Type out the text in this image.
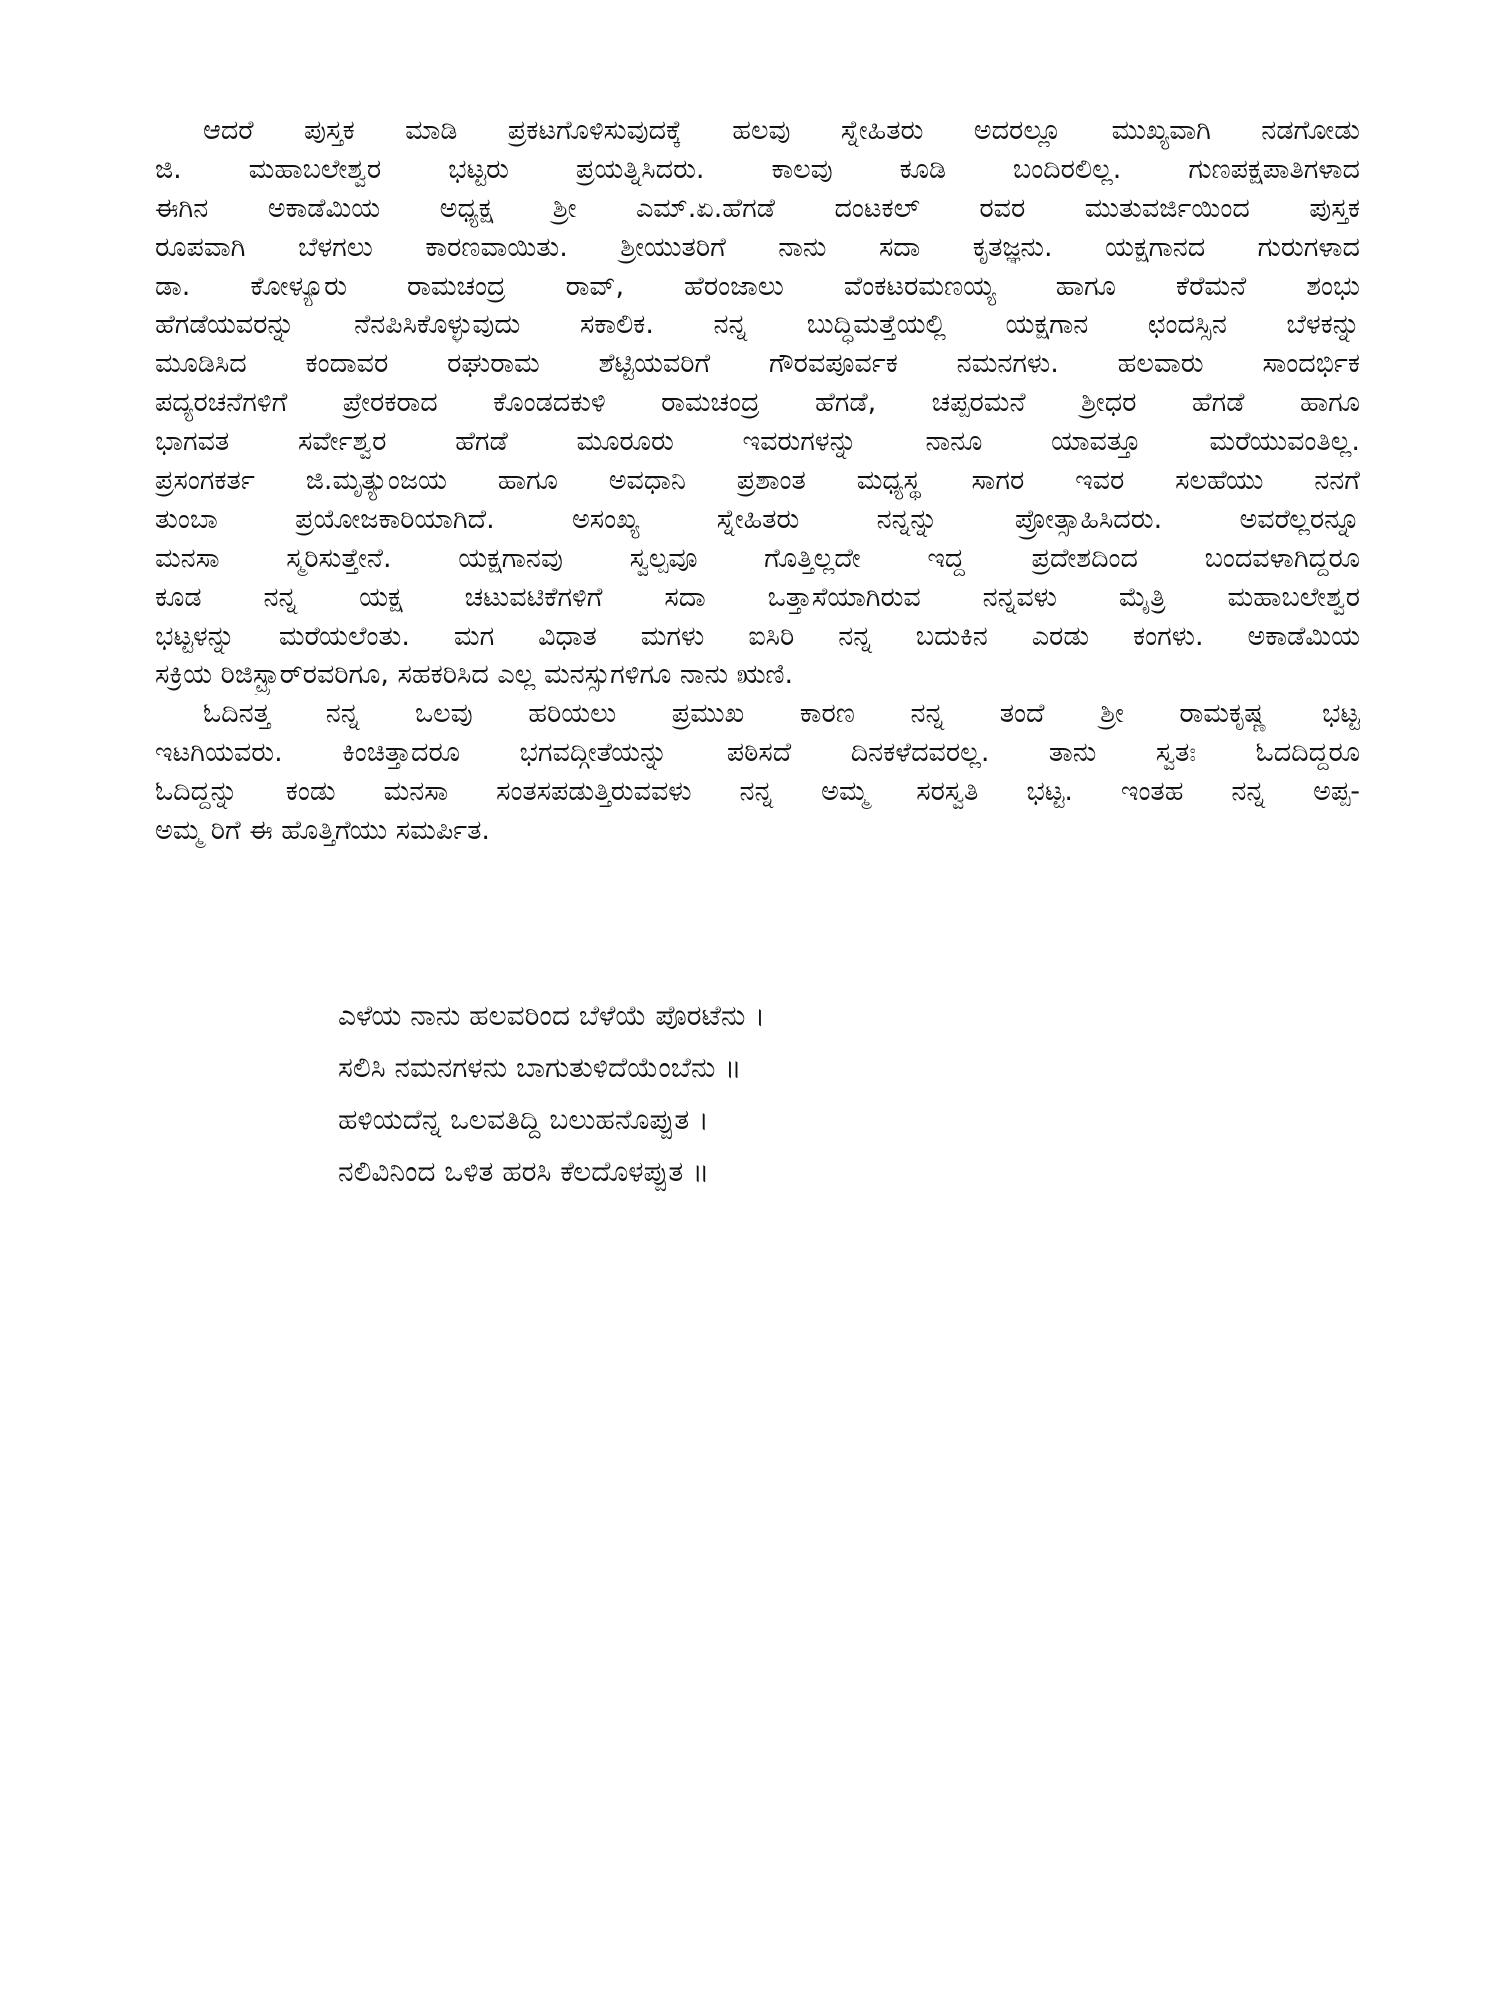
ಆದರೆ ಪುಸ್ತಕ ಮಾಡಿ ಪ್ರಕಟಗೊಳಿಸುವುದಕ್ಕೆ ಹಲವು ಸ್ನೇಹಿತರು ಅದರಲ್ಲೂ ಮುಖ್ಯವಾಗಿ ನಡಗೋಡು
ಜಿ. ಮಹಾಬಲೇಶ್ವರ ಭಟ್ಟರು ಪ್ರಯತ್ನಿಸಿದರು. ಕಾಲವು ಕೂಡಿ ಬಂದಿರಲಿಲ್ಲ. ಗುಣಪಕ್ಷಪಾತಿಗಳಾದ
ಈಗಿನ ಅಕಾಡೆಮಿಯ ಅಧ್ಯಕ್ಷ ಶ್ರೀ ಎಮ್.ಏ.ಹೆಗಡೆ ದಂಟಕಲ್ ರವರ ಮುತುವರ್ಜಿಯಿಂದ ಪುಸ್ತಕ
ರೂಪವಾಗಿ ಬೆಳಗಲು ಕಾರಣವಾಯಿತು. ಶ್ರೀಯುತರಿಗೆ ನಾನು ಸದಾ ಕೃತಜ್ಞನು. ಯಕ್ಷಗಾನದ ಗುರುಗಳಾದ
ಡಾ. ಕೋಳ್ಯೂರು ರಾಮಚಂದ್ರ ರಾವ್, ಹೆರಂಜಾಲು ವೆಂಕಟರಮಣಯ್ಯ ಹಾಗೂ ಕೆರೆಮನೆ ಶಂಭು
ಹೆಗಡೆಯವರನ್ನು ನೆನಪಿಸಿಕೊಳ್ಳುವುದು ಸಕಾಲಿಕ. ನನ್ನ ಬುದ್ಧಿಮತ್ತೆಯಲ್ಲಿ ಯಕ್ಷಗಾನ ಛಂದಸ್ಸಿನ ಬೆಳಕನ್ನು
ಮೂಡಿಸಿದ ಕಂದಾವರ ರಘುರಾಮ ಶೆಟ್ಟಿಯವರಿಗೆ ಗೌರವಪೂರ್ವಕ ನಮನಗಳು. ಹಲವಾರು ಸಾಂದರ್ಭಿಕ
ಪದ್ಯರಚನೆಗಳಿಗೆ ಪ್ರೇರಕರಾದ ಕೊಂಡದಕುಳಿ ರಾಮಚಂದ್ರ ಹೆಗಡೆ, ಚಪ್ಪರಮನೆ ಶ್ರೀಧರ ಹೆಗಡೆ ಹಾಗೂ
ಭಾಗವತ ಸರ್ವೇಶ್ವರ ಹೆಗಡೆ ಮೂರೂರು ಇವರುಗಳನ್ನು ನಾನೂ ಯಾವತ್ತೂ ಮರೆಯುವಂತಿಲ್ಲ.
ಪ್ರಸಂಗಕರ್ತ ಜಿ.ಮೃತ್ಯುಂಜಯ ಹಾಗೂ ಅವಧಾನಿ ಪ್ರಶಾಂತ ಮಧ್ಯಸ್ಥ ಸಾಗರ ಇವರ ಸಲಹೆಯು ನನಗೆ
ತುಂಬಾ ಪ್ರಯೋಜಕಾರಿಯಾಗಿದೆ. ಅಸಂಖ್ಯ ಸ್ನೇಹಿತರು ನನ್ನನ್ನು ಪ್ರೋತ್ಸಾಹಿಸಿದರು. ಅವರೆಲ್ಲರನ್ನೂ
ಮನಸಾ ಸ್ಮರಿಸುತ್ತೇನೆ. ಯಕ್ಷಗಾನವು ಸ್ವಲ್ಪವೂ ಗೊತ್ತಿಲ್ಲದೇ ಇದ್ದ ಪ್ರದೇಶದಿಂದ ಬಂದವಳಾಗಿದ್ದರೂ
ಕೂಡ ನನ್ನ ಯಕ್ಷ ಚಟುವಟಿಕೆಗಳಿಗೆ ಸದಾ ಒತ್ತಾಸೆಯಾಗಿರುವ ನನ್ನವಳು ಮೈತ್ರಿ ಮಹಾಬಲೇಶ್ವರ
ಭಟ್ಟಳನ್ನು ಮರೆಯಲೆಂತು. ಮಗ ವಿಧಾತ ಮಗಳು ಐಸಿರಿ ನನ್ನ ಬದುಕಿನ ಎರಡು ಕಂಗಳು. ಅಕಾಡೆಮಿಯ
ಸಕ್ರಿಯ ರಿಜಿಸ್ಟ್ರಾರ್‌ರವರಿಗೂ, ಸಹಕರಿಸಿದ ಎಲ್ಲ ಮನಸ್ಸುಗಳಿಗೂ ನಾನು ಋಣಿ.
ಓದಿನತ್ತ ನನ್ನ ಒಲವು ಹರಿಯಲು ಪ್ರಮುಖ ಕಾರಣ ನನ್ನ ತಂದೆ ಶ್ರೀ ರಾಮಕೃಷ್ಣ ಭಟ್ಟ
ಇಟಗಿಯವರು. ಕಿಂಚಿತ್ತಾದರೂ ಭಗವದ್ಗೀತೆಯನ್ನು ಪಠಿಸದೆ ದಿನಕಳೆದವರಲ್ಲ. ತಾನು ಸ್ವತಃ ಓದದಿದ್ದರೂ
ಓದಿದ್ದನ್ನು ಕಂಡು ಮನಸಾ ಸಂತಸಪಡುತ್ತಿರುವವಳು ನನ್ನ ಅಮ್ಮ ಸರಸ್ವತಿ ಭಟ್ಟ. ಇಂತಹ ನನ್ನ ಅಪ್ಪ-
ಅಮ್ಮ ರಿಗೆ ಈ ಹೊತ್ತಿಗೆಯು ಸಮರ್ಪಿತ.
ಎಳೆಯ ನಾನು ಹಲವರಿಂದ ಬೆಳೆಯೆ ಪೊರಟೆನು ।
ಸಲಿಸಿ ನಮನಗಳನು ಬಾಗುತುಳಿದೆಯೆಂಬೆನು ॥
ಹಳಿಯದೆನ್ನ ಒಲವತಿದ್ದಿ ಬಲುಹನೊಪ್ಪುತ ।
ನಲಿವಿನಿಂದ ಒಳಿತ ಹರಸಿ ಕೆಲದೊಳಪ್ಪುತ ॥
